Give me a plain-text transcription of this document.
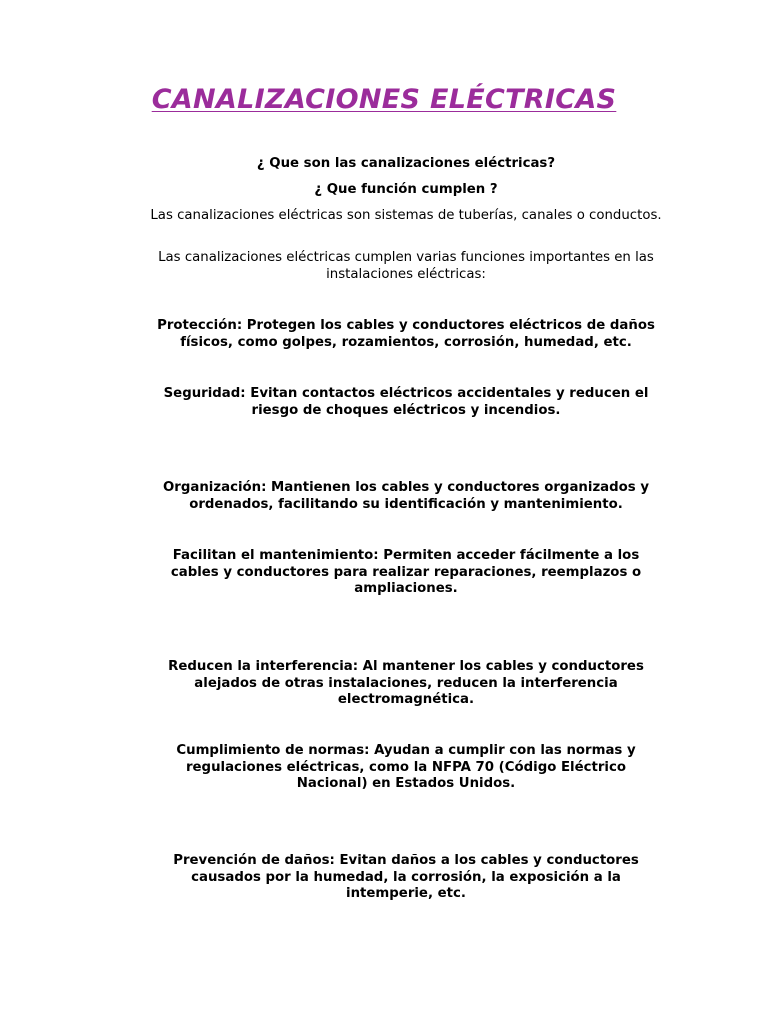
CANALIZACIONES ELÉCTRICAS

¿ Que son las canalizaciones eléctricas?

¿ Que función cumplen ?

Las canalizaciones eléctricas son sistemas de tuberías, canales o conductos.

Las canalizaciones eléctricas cumplen varias funciones importantes en las instalaciones eléctricas:

Protección: Protegen los cables y conductores eléctricos de daños físicos, como golpes, rozamientos, corrosión, humedad, etc.

Seguridad: Evitan contactos eléctricos accidentales y reducen el riesgo de choques eléctricos y incendios.

Organización: Mantienen los cables y conductores organizados y ordenados, facilitando su identificación y mantenimiento.

Facilitan el mantenimiento: Permiten acceder fácilmente a los cables y conductores para realizar reparaciones, reemplazos o ampliaciones.

Reducen la interferencia: Al mantener los cables y conductores alejados de otras instalaciones, reducen la interferencia electromagnética.

Cumplimiento de normas: Ayudan a cumplir con las normas y regulaciones eléctricas, como la NFPA 70 (Código Eléctrico Nacional) en Estados Unidos.

Prevención de daños: Evitan daños a los cables y conductores causados por la humedad, la corrosión, la exposición a la intemperie, etc.
